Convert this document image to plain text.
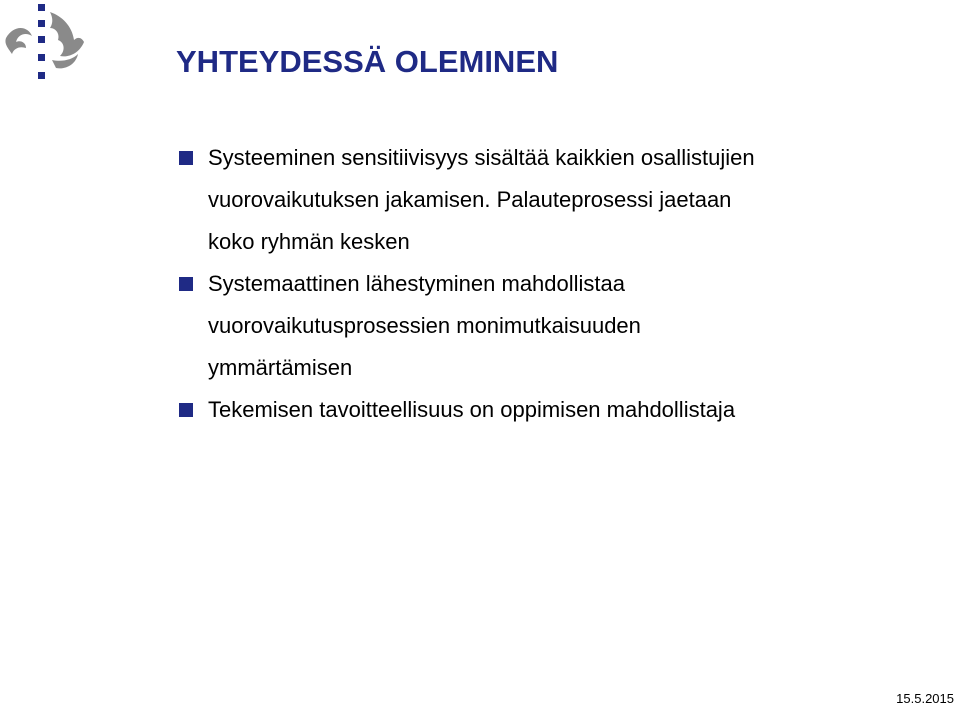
YHTEYDESSÄ OLEMINEN
Systeeminen sensitiivisyys sisältää kaikkien osallistujien
vuorovaikutuksen jakamisen. Palauteprosessi jaetaan
koko ryhmän kesken
Systemaattinen lähestyminen mahdollistaa
vuorovaikutusprosessien monimutkaisuuden
ymmärtämisen
Tekemisen tavoitteellisuus on oppimisen mahdollistaja
15.5.2015
